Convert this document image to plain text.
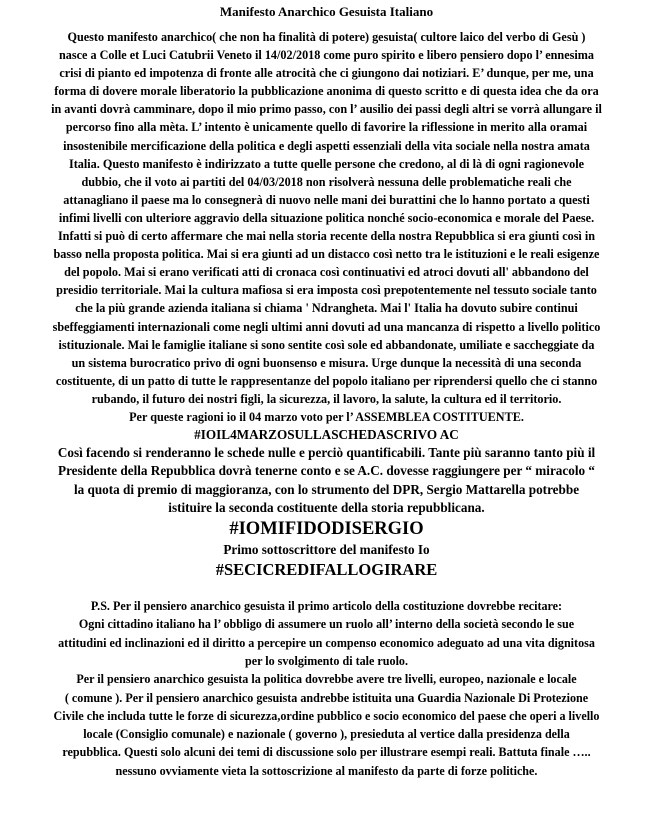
Manifesto Anarchico Gesuista Italiano
Questo manifesto anarchico( che non ha finalità di potere) gesuista( cultore laico del verbo di Gesù )
nasce a Colle et Luci Catubrii Veneto il 14/02/2018 come puro spirito e libero pensiero dopo l’ ennesima
crisi di pianto ed impotenza di fronte alle atrocità che ci giungono dai notiziari. E’ dunque, per me, una
forma di dovere morale liberatorio la pubblicazione anonima di questo scritto e di questa idea che da ora
in avanti dovrà camminare, dopo il mio primo passo, con l’ ausilio dei passi degli altri se vorrà allungare il
percorso fino alla mèta. L’ intento è unicamente quello di favorire la riflessione in merito alla oramai
insostenibile mercificazione della politica e degli aspetti essenziali della vita sociale nella nostra amata
Italia. Questo manifesto è indirizzato a tutte quelle persone che credono, al di là di ogni ragionevole
dubbio, che il voto ai partiti del 04/03/2018 non risolverà nessuna delle problematiche reali che
attanagliano il paese ma lo consegnerà di nuovo nelle mani dei burattini che lo hanno portato a questi
infimi livelli con ulteriore aggravio della situazione politica nonché socio-economica e morale del Paese.
Infatti si può di certo affermare che mai nella storia recente della nostra Repubblica si era giunti così in
basso nella proposta politica. Mai si era giunti ad un distacco così netto tra le istituzioni e le reali esigenze
del popolo. Mai si erano verificati atti di cronaca così continuativi ed atroci dovuti all' abbandono del
presidio territoriale. Mai la cultura mafiosa si era imposta così prepotentemente nel tessuto sociale tanto
che la più grande azienda italiana si chiama ' Ndrangheta. Mai l' Italia ha dovuto subire continui
sbeffeggiamenti internazionali come negli ultimi anni dovuti ad una mancanza di rispetto a livello politico
istituzionale. Mai le famiglie italiane si sono sentite così sole ed abbandonate, umiliate e saccheggiate da
un sistema burocratico privo di ogni buonsenso e misura. Urge dunque la necessità di una seconda
costituente, di un patto di tutte le rappresentanze del popolo italiano per riprendersi quello che ci stanno
rubando, il futuro dei nostri figli, la sicurezza, il lavoro, la salute, la cultura ed il territorio.
Per queste ragioni io il 04 marzo voto per l’ ASSEMBLEA COSTITUENTE.
#IOIL4MARZOSULLASCHEDASCRIVO AC
Così facendo si renderanno le schede nulle e perciò quantificabili. Tante più saranno tanto più il
Presidente della Repubblica dovrà tenerne conto e se A.C. dovesse raggiungere per “ miracolo “
la quota di premio di maggioranza, con lo strumento del DPR, Sergio Mattarella potrebbe
istituire la seconda costituente della storia repubblicana.
#IOMIFIDODISERGIO
Primo sottoscrittore del manifesto Io
#SECICREDIFALLOGIRARE
P.S. Per il pensiero anarchico gesuista il primo articolo della costituzione dovrebbe recitare:
Ogni cittadino italiano ha l’ obbligo di assumere un ruolo all’ interno della società secondo le sue
attitudini ed inclinazioni ed il diritto a percepire un compenso economico adeguato ad una vita dignitosa
per lo svolgimento di tale ruolo.
Per il pensiero anarchico gesuista la politica dovrebbe avere tre livelli, europeo, nazionale e locale
( comune ). Per il pensiero anarchico gesuista andrebbe istituita una Guardia Nazionale Di Protezione
Civile che includa tutte le forze di sicurezza,ordine pubblico e socio economico del paese che operi a livello
locale (Consiglio comunale) e nazionale ( governo ), presieduta al vertice dalla presidenza della
repubblica. Questi solo alcuni dei temi di discussione solo per illustrare esempi reali. Battuta finale …..
nessuno ovviamente vieta la sottoscrizione al manifesto da parte di forze politiche.
